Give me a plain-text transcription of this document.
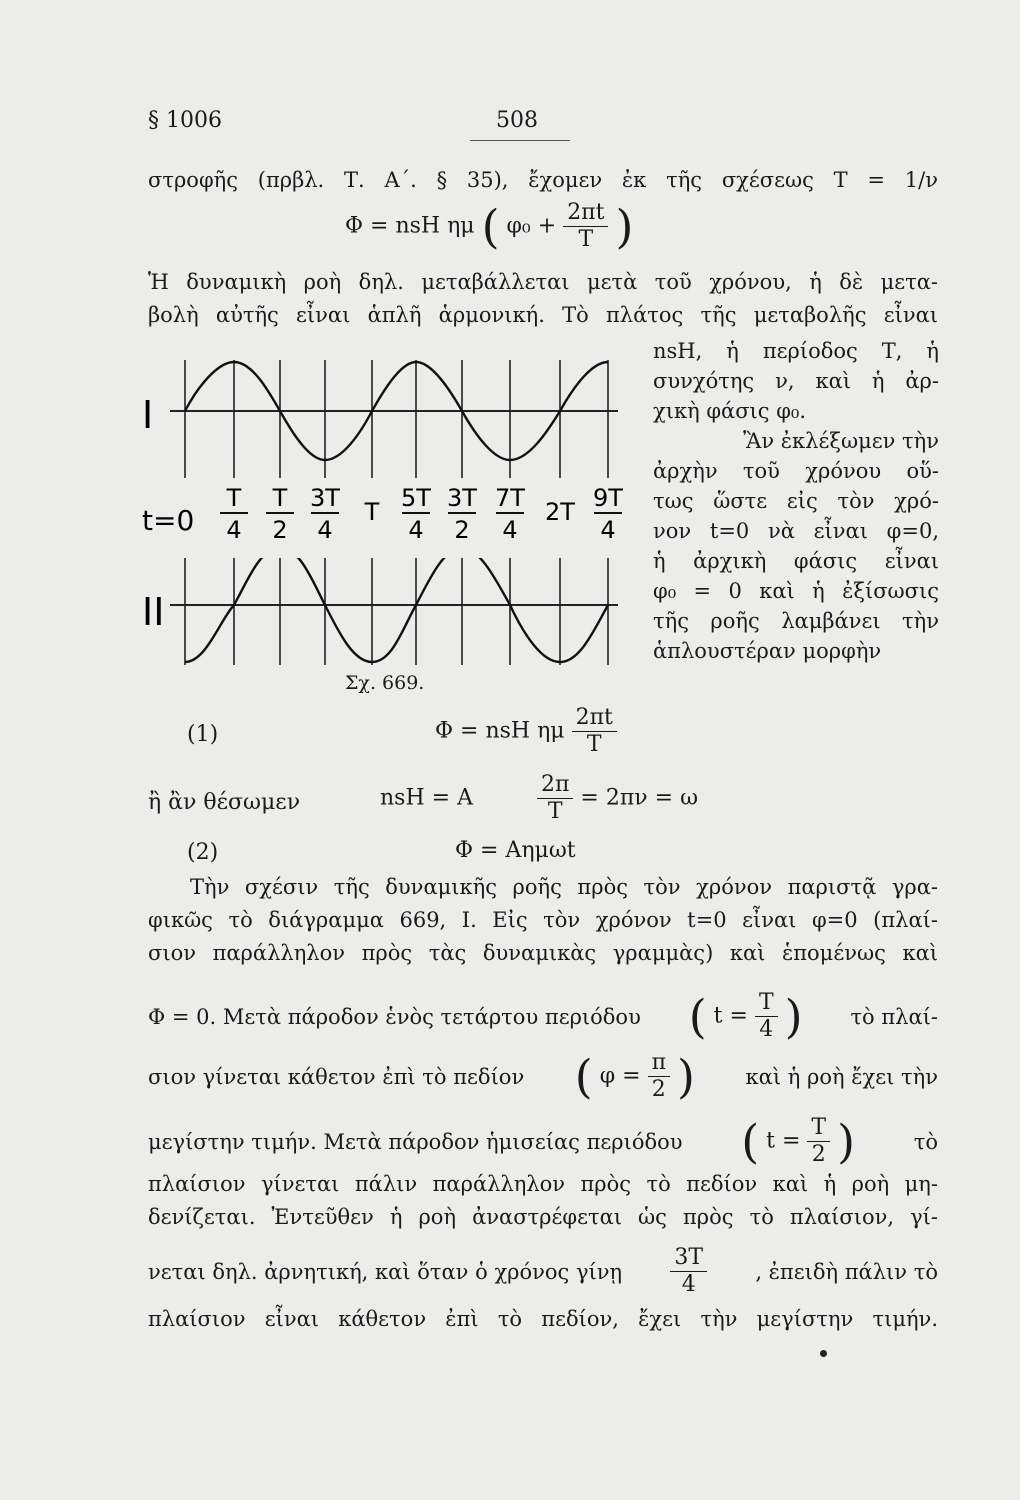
§ 1006	508
στροφῆς (πρβλ. Τ. Α΄. § 35), ἔχομεν ἐκ τῆς σχέσεως Τ = 1/ν
Φ = nsH ημ ( $\varphi_0 + \frac{2\pi t}{T}$ )
Ἡ δυναμικὴ ροὴ δηλ. μεταβάλλεται μετὰ τοῦ χρόνου, ἡ δὲ μετα-
βολὴ αὐτῆς εἶναι ἁπλῆ ἁρμονική. Τὸ πλάτος τῆς μεταβολῆς εἶναι
nsH, ἡ περίοδος Τ, ἡ
συνχότης ν, καὶ ἡ ἀρ-
χικὴ φάσις φ₀.
Ἂν ἐκλέξωμεν τὴν
ἀρχὴν τοῦ χρόνου οὕ-
τως ὥστε εἰς τὸν χρό-
νον t=0 νὰ εἶναι φ=0,
ἡ ἀρχικὴ φάσις εἶναι
φ₀ = 0 καὶ ἡ ἐξίσωσις
τῆς ροῆς λαμβάνει τὴν
ἁπλουστέραν μορφὴν
I
II
t=0
T
4
T
2
3T
4
T 5T
4
3T
2
7T
4
2T 9T
4
Σχ. 669.
(1)	Φ = nsH ημ $\frac{2\pi t}{T}$
ἢ ἂν θέσωμεν	nsH = A	$\frac{2\pi}{T} = 2\pi\nu = \omega$
(2)	Φ = Aημωt
Τὴν σχέσιν τῆς δυναμικῆς ροῆς πρὸς τὸν χρόνον παριστᾷ γρα-
φικῶς τὸ διάγραμμα 669, Ι. Εἰς τὸν χρόνον t=0 εἶναι φ=0 (πλαί-
σιον παράλληλον πρὸς τὰς δυναμικὰς γραμμὰς) καὶ ἑπομένως καὶ
Φ = 0. Μετὰ πάροδον ἑνὸς τετάρτου περιόδου ( $t = \frac{T}{4}$ ) τὸ πλαί-
σιον γίνεται κάθετον ἐπὶ τὸ πεδίον ( $\varphi = \frac{\pi}{2}$ ) καὶ ἡ ροὴ ἔχει τὴν
μεγίστην τιμήν. Μετὰ πάροδον ἡμισείας περιόδου ( $t = \frac{T}{2}$ )	τὸ
πλαίσιον γίνεται πάλιν παράλληλον πρὸς τὸ πεδίον καὶ ἡ ροὴ μη-
δενίζεται. Ἐντεῦθεν ἡ ροὴ ἀναστρέφεται ὡς πρὸς τὸ πλαίσιον, γί-
νεται δηλ. ἀρνητική, καὶ ὅταν ὁ χρόνος γίνῃ $\frac{3T}{4}$ , ἐπειδὴ πάλιν τὸ
πλαίσιον εἶναι κάθετον ἐπὶ τὸ πεδίον, ἔχει τὴν μεγίστην τιμήν.
